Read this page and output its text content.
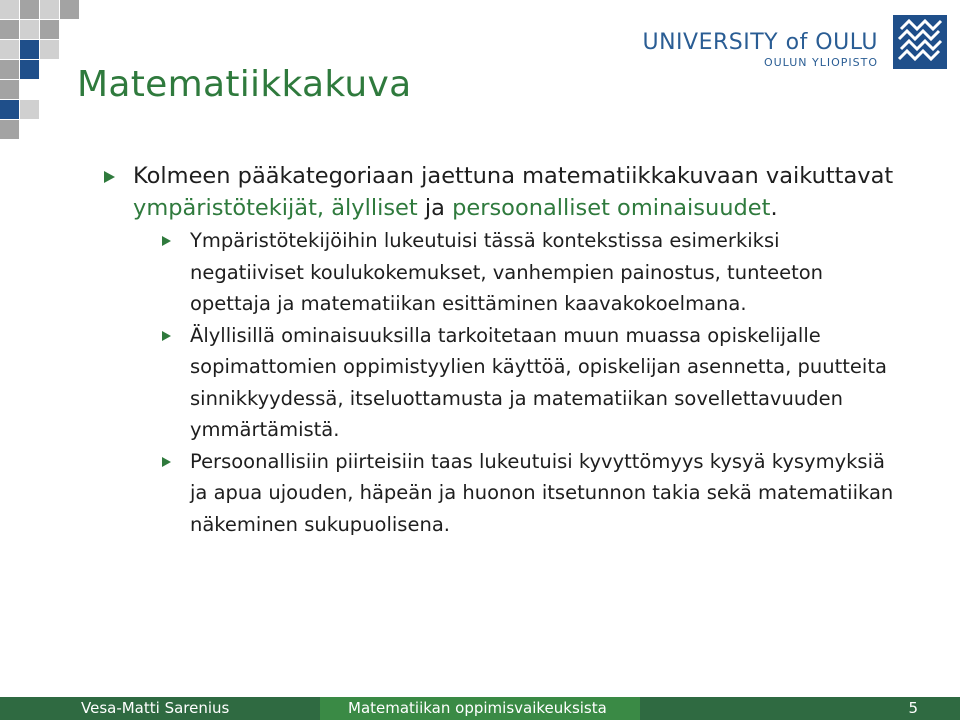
Matematiikkakuva
UNIVERSITY of OULU
OULUN YLIOPISTO
Kolmeen pääkategoriaan jaettuna matematiikkakuvaan vaikuttavat ympäristötekijät, älylliset ja persoonalliset ominaisuudet.
Ympäristötekijöihin lukeutuisi tässä kontekstissa esimerkiksi negatiiviset koulukokemukset, vanhempien painostus, tunteeton opettaja ja matematiikan esittäminen kaavakokoelmana.
Älyllisillä ominaisuuksilla tarkoitetaan muun muassa opiskelijalle sopimattomien oppimistyylien käyttöä, opiskelijan asennetta, puutteita sinnikkyydessä, itseluottamusta ja matematiikan sovellettavuuden ymmärtämistä.
Persoonallisiin piirteisiin taas lukeutuisi kyvyttömyys kysyä kysymyksiä ja apua ujouden, häpeän ja huonon itsetunnon takia sekä matematiikan näkeminen sukupuolisena.
Vesa-Matti Sarenius	Matematiikan oppimisvaikeuksista	5
